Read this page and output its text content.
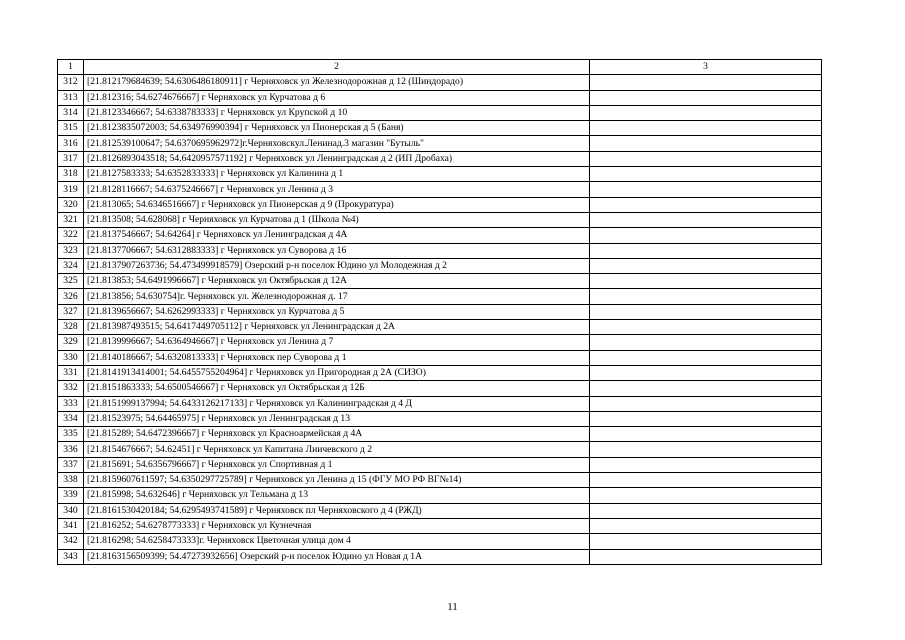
1	2	3
312	[21.812179684639; 54.6306486180911] г Черняховск ул Железнодорожная д 12 (Шиндорадо)	
313	[21.812316; 54.6274676667] г Черняховск ул Курчатова д 6	
314	[21.8123346667; 54.6338783333] г Черняховск ул Крупской д 10	
315	[21.8123835072003; 54.634976990394] г Черняховск ул Пионерская д 5 (Баня)	
316	[21.812539100647; 54.6370695962972]г.Черняховскул.Ленинад.3 магазин "Бутыль"	
317	[21.8126893043518; 54.6420957571192] г Черняховск ул Ленинградская д 2 (ИП Дробаха)	
318	[21.8127583333; 54.6352833333] г Черняховск ул Калинина д 1	
319	[21.8128116667; 54.6375246667] г Черняховск ул Ленина д 3	
320	[21.813065; 54.6346516667] г Черняховск ул Пионерская д 9 (Прокуратура)	
321	[21.813508; 54.628068] г Черняховск ул Курчатова д 1 (Школа №4)	
322	[21.8137546667; 54.64264] г Черняховск ул Ленинградская д 4А	
323	[21.8137706667; 54.6312883333] г Черняховск ул Суворова д 16	
324	[21.8137907263736; 54.473499918579] Озерский р-н поселок Юдино ул Молодежная д 2	
325	[21.813853; 54.6491996667] г Черняховск ул Октябрьская д 12А	
326	[21.813856; 54.630754]г. Черняховск ул. Железнодорожная д. 17	
327	[21.8139656667; 54.6262993333] г Черняховск ул Курчатова д 5	
328	[21.813987493515; 54.6417449705112] г Черняховск ул Ленинградская д 2А	
329	[21.8139996667; 54.6364946667] г Черняховск ул Ленина д 7	
330	[21.8140186667; 54.6320813333] г Черняховск пер Суворова д 1	
331	[21.8141913414001; 54.6455755204964] г Черняховск ул Пригородная д 2А (СИЗО)	
332	[21.8151863333; 54.6500546667] г Черняховск ул Октябрьская д 12Б	
333	[21.8151999137994; 54.6433126217133] г Черняховск ул Калининградская д 4 Д	
334	[21.81523975; 54.64465975] г Черняховск ул Ленинградская д 13	
335	[21.815289; 54.6472396667] г Черняховск ул Красноармейская д 4А	
336	[21.8154676667; 54.62451] г Черняховск ул Капитана Лиичевского д 2	
337	[21.815691; 54.6356796667] г Черняховск ул Спортивная д 1	
338	[21.8159607611597; 54.6350297725789] г Черняховск ул Ленина д 15 (ФГУ МО РФ ВГ№14)	
339	[21.815998; 54.632646] г Черняховск ул Тельмана д 13	
340	[21.8161530420184; 54.6295493741589] г Черняховск пл Черняховского д 4 (РЖД)	
341	[21.816252; 54.6278773333] г Черняховск ул Кузнечная	
342	[21.816298; 54.6258473333]г. Черняховск Цветочная улица дом 4	
343	[21.8163156509399; 54.47273932656] Озерский р-н поселок Юдино ул Новая д 1А	
11
